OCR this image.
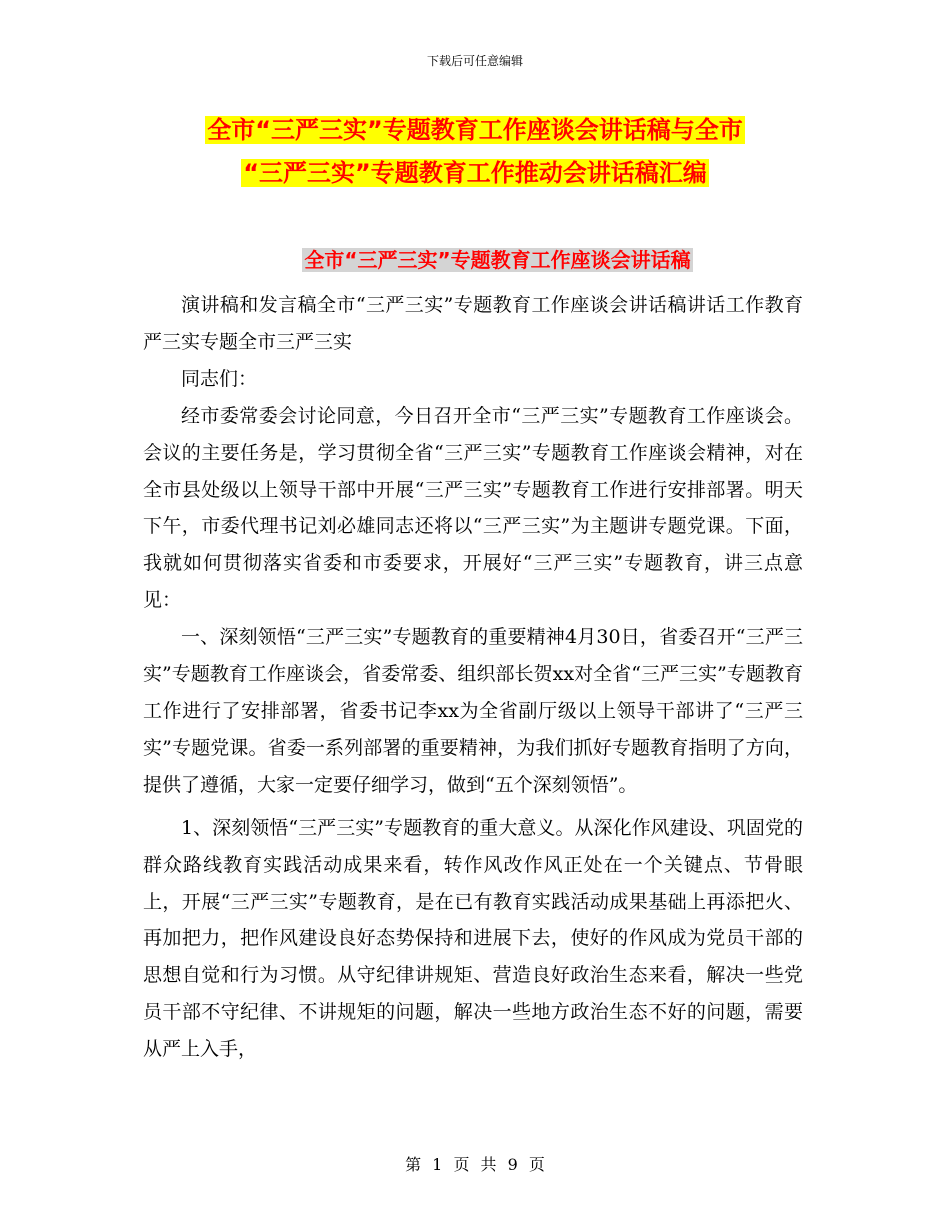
下载后可任意编辑
全市“三严三实”专题教育工作座谈会讲话稿与全市
“三严三实”专题教育工作推动会讲话稿汇编
全市“三严三实”专题教育工作座谈会讲话稿

演讲稿和发言稿全市“三严三实”专题教育工作座谈会讲话稿讲话工作教育严三实专题全市三严三实

同志们：

经市委常委会讨论同意，今日召开全市“三严三实”专题教育工作座谈会。会议的主要任务是，学习贯彻全省“三严三实”专题教育工作座谈会精神，对在全市县处级以上领导干部中开展“三严三实”专题教育工作进行安排部署。明天下午，市委代理书记刘必雄同志还将以“三严三实”为主题讲专题党课。下面，我就如何贯彻落实省委和市委要求，开展好“三严三实”专题教育，讲三点意见：

一、深刻领悟“三严三实”专题教育的重要精神4月30日，省委召开“三严三实”专题教育工作座谈会，省委常委、组织部长贺xx对全省“三严三实”专题教育工作进行了安排部署，省委书记李xx为全省副厅级以上领导干部讲了“三严三实”专题党课。省委一系列部署的重要精神，为我们抓好专题教育指明了方向，提供了遵循，大家一定要仔细学习，做到“五个深刻领悟”。

1、深刻领悟“三严三实”专题教育的重大意义。从深化作风建设、巩固党的群众路线教育实践活动成果来看，转作风改作风正处在一个关键点、节骨眼上，开展“三严三实”专题教育，是在已有教育实践活动成果基础上再添把火、再加把力，把作风建设良好态势保持和进展下去，使好的作风成为党员干部的思想自觉和行为习惯。从守纪律讲规矩、营造良好政治生态来看，解决一些党员干部不守纪律、不讲规矩的问题，解决一些地方政治生态不好的问题，需要从严上入手，

第 1 页 共 9 页
